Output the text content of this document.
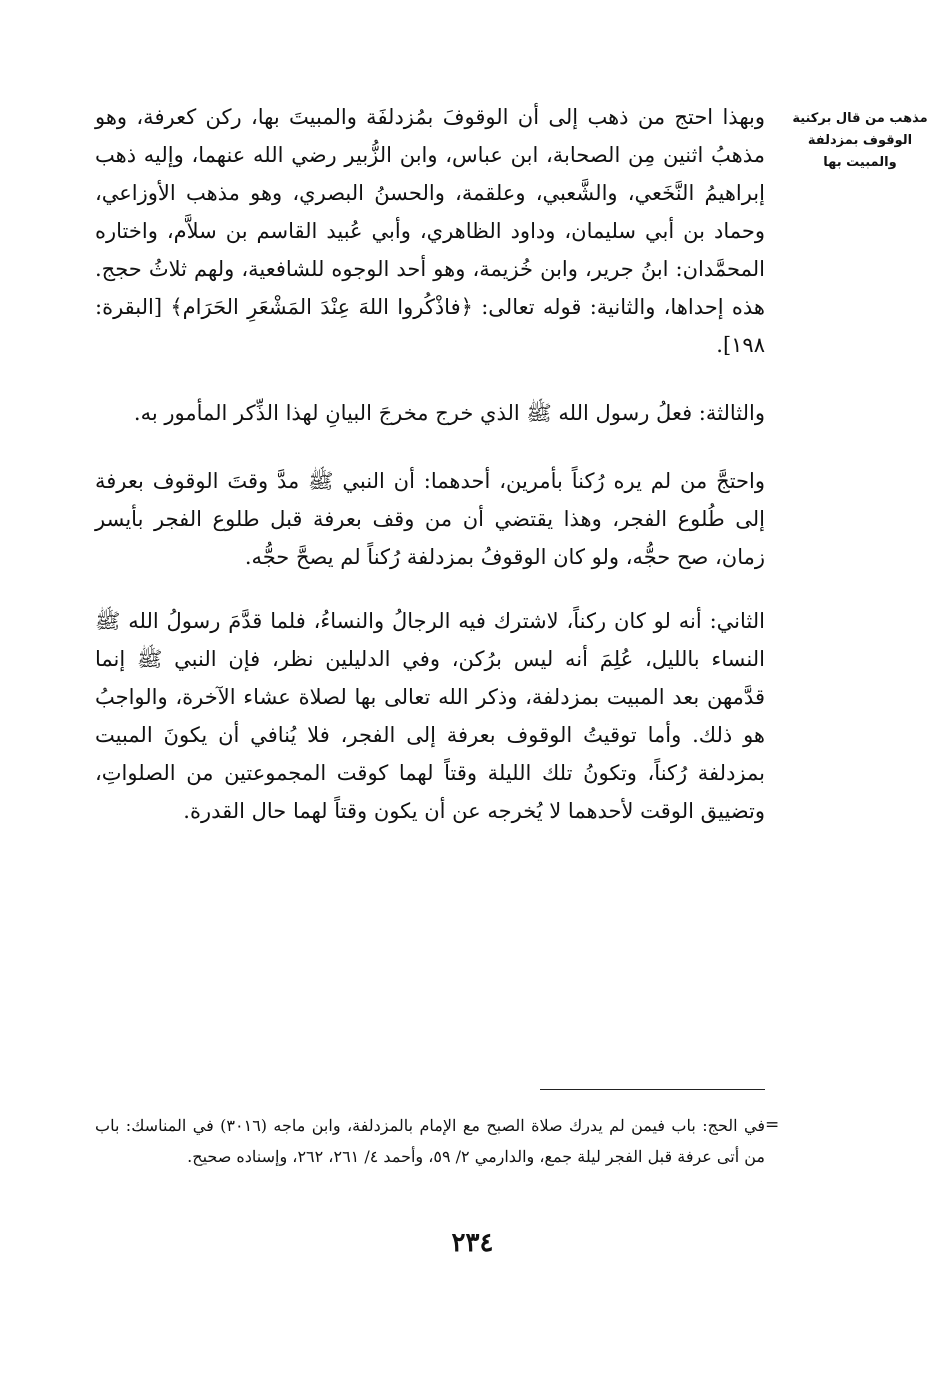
مذهب من قال بركنية الوقوف بمزدلفة والمبيت بها

وبهذا احتج من ذهب إلى أن الوقوفَ بمُزدلفَة والمبيتَ بها، ركن كعرفة، وهو مذهبُ اثنين مِن الصحابة، ابن عباس، وابن الزُّبير رضي الله عنهما، وإليه ذهب إبراهيمُ النَّخَعي، والشَّعبي، وعلقمة، والحسنُ البصري، وهو مذهب الأوزاعي، وحماد بن أبي سليمان، وداود الظاهري، وأبي عُبيد القاسم بن سلاَّم، واختاره المحمَّدان: ابنُ جرير، وابن خُزيمة، وهو أحد الوجوه للشافعية، ولهم ثلاثُ حجج. هذه إحداها، والثانية: قوله تعالى: ﴿فاذْكُروا اللهَ عِنْدَ المَشْعَرِ الحَرَام﴾ [البقرة: ١٩٨].

والثالثة: فعلُ رسول الله ﷺ الذي خرج مخرجَ البيانِ لهذا الذِّكر المأمور به.

واحتجَّ من لم يره رُكناً بأمرين، أحدهما: أن النبي ﷺ مدَّ وقتَ الوقوف بعرفة إلى طُلوع الفجر، وهذا يقتضي أن من وقف بعرفة قبل طلوع الفجر بأيسر زمان، صح حجُّه، ولو كان الوقوفُ بمزدلفة رُكناً لم يصحَّ حجُّه.

الثاني: أنه لو كان ركناً، لاشترك فيه الرجالُ والنساءُ، فلما قدَّمَ رسولُ الله ﷺ النساء بالليل، عُلِمَ أنه ليس برُكن، وفي الدليلين نظر، فإن النبي ﷺ إنما قدَّمهن بعد المبيت بمزدلفة، وذكر الله تعالى بها لصلاة عشاء الآخرة، والواجبُ هو ذلك. وأما توقيتُ الوقوف بعرفة إلى الفجر، فلا يُنافي أن يكونَ المبيت بمزدلفة رُكناً، وتكونُ تلك الليلة وقتاً لهما كوقت المجموعتين من الصلواتِ، وتضييق الوقت لأحدهما لا يُخرجه عن أن يكون وقتاً لهما حال القدرة.

=
في الحج: باب فيمن لم يدرك صلاة الصبح مع الإمام بالمزدلفة، وابن ماجه (٣٠١٦) في المناسك: باب من أتى عرفة قبل الفجر ليلة جمع، والدارمي ٢/ ٥٩، وأحمد ٤/ ٢٦١، ٢٦٢، وإسناده صحيح.
٢٣٤
